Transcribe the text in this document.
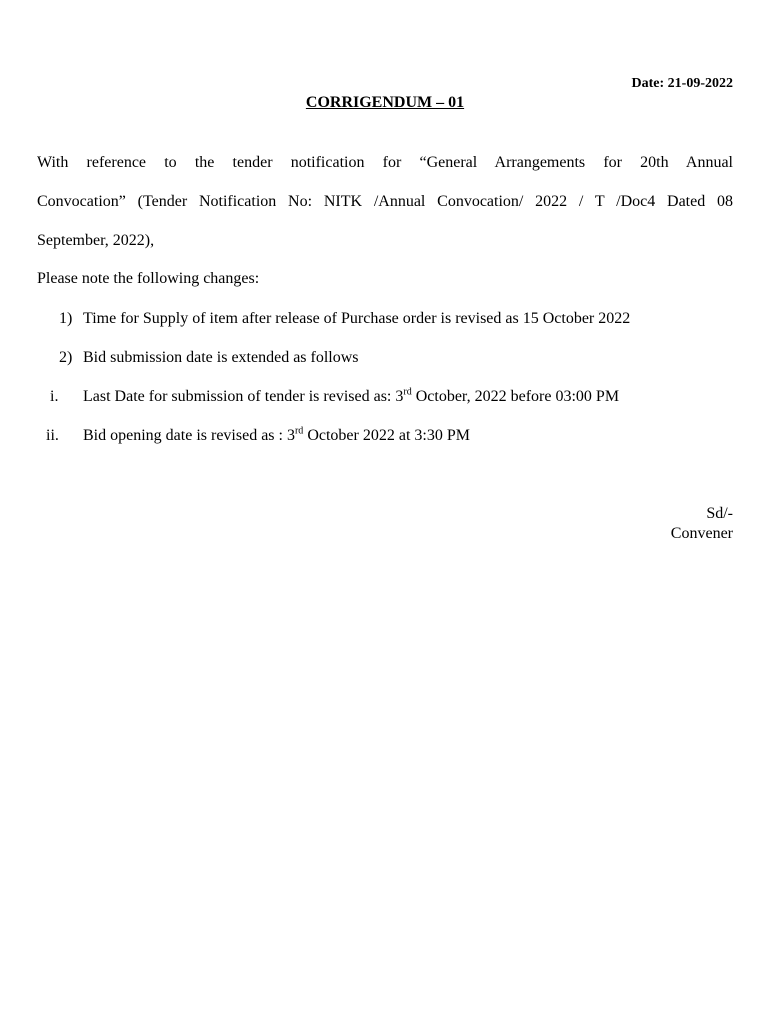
Date: 21-09-2022
CORRIGENDUM – 01
With reference to the tender notification for “General Arrangements for 20th Annual
Convocation” (Tender Notification No: NITK /Annual Convocation/ 2022 / T /Doc4 Dated 08
September, 2022),
Please note the following changes:
1) Time for Supply of item after release of Purchase order is revised as 15 October 2022
2) Bid submission date is extended as follows
i. Last Date for submission of tender is revised as: 3rd October, 2022 before 03:00 PM
ii. Bid opening date is revised as : 3rd October 2022 at 3:30 PM
Sd/-
Convener
